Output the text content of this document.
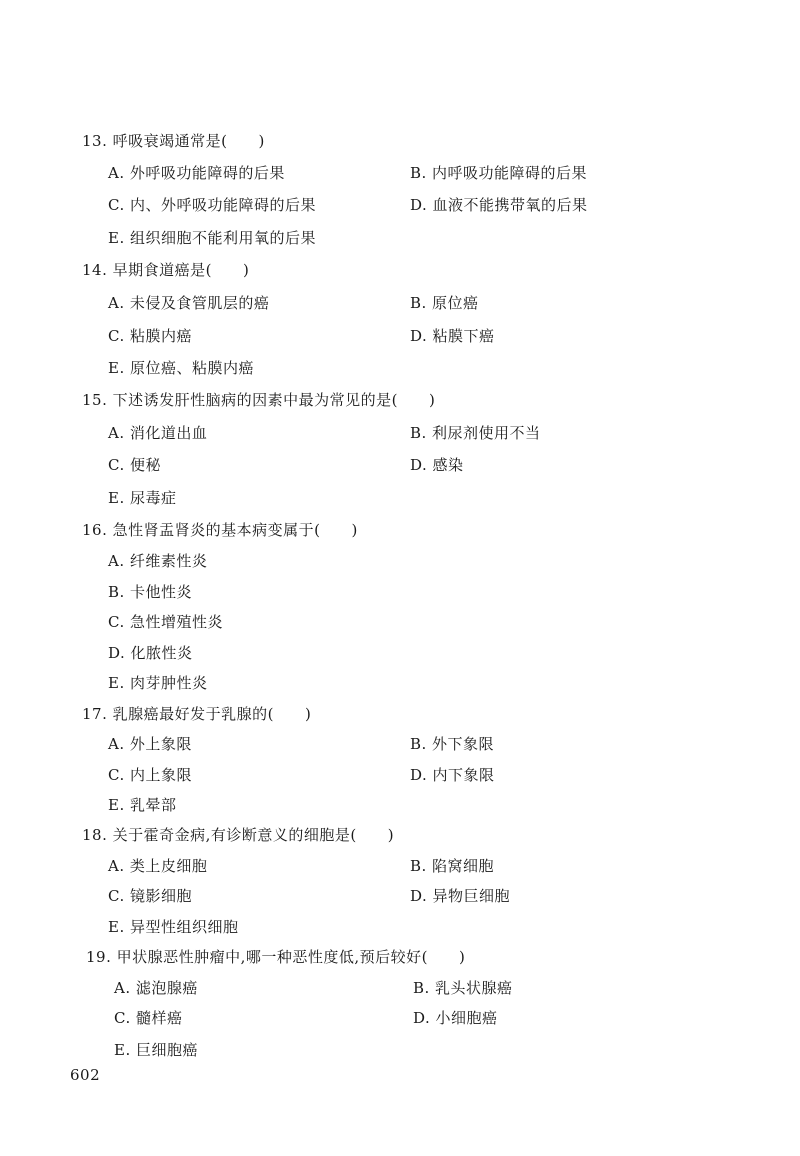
13. 呼吸衰竭通常是(　　)
A. 外呼吸功能障碍的后果	B. 内呼吸功能障碍的后果
C. 内、外呼吸功能障碍的后果	D. 血液不能携带氧的后果
E. 组织细胞不能利用氧的后果
14. 早期食道癌是(　　)
A. 未侵及食管肌层的癌	B. 原位癌
C. 粘膜内癌	D. 粘膜下癌
E. 原位癌、粘膜内癌
15. 下述诱发肝性脑病的因素中最为常见的是(　　)
A. 消化道出血	B. 利尿剂使用不当
C. 便秘	D. 感染
E. 尿毒症
16. 急性肾盂肾炎的基本病变属于(　　)
A. 纤维素性炎
B. 卡他性炎
C. 急性增殖性炎
D. 化脓性炎
E. 肉芽肿性炎
17. 乳腺癌最好发于乳腺的(　　)
A. 外上象限	B. 外下象限
C. 内上象限	D. 内下象限
E. 乳晕部
18. 关于霍奇金病,有诊断意义的细胞是(　　)
A. 类上皮细胞	B. 陷窝细胞
C. 镜影细胞	D. 异物巨细胞
E. 异型性组织细胞
19. 甲状腺恶性肿瘤中,哪一种恶性度低,预后较好(　　)
A. 滤泡腺癌	B. 乳头状腺癌
C. 髓样癌	D. 小细胞癌
E. 巨细胞癌
602
